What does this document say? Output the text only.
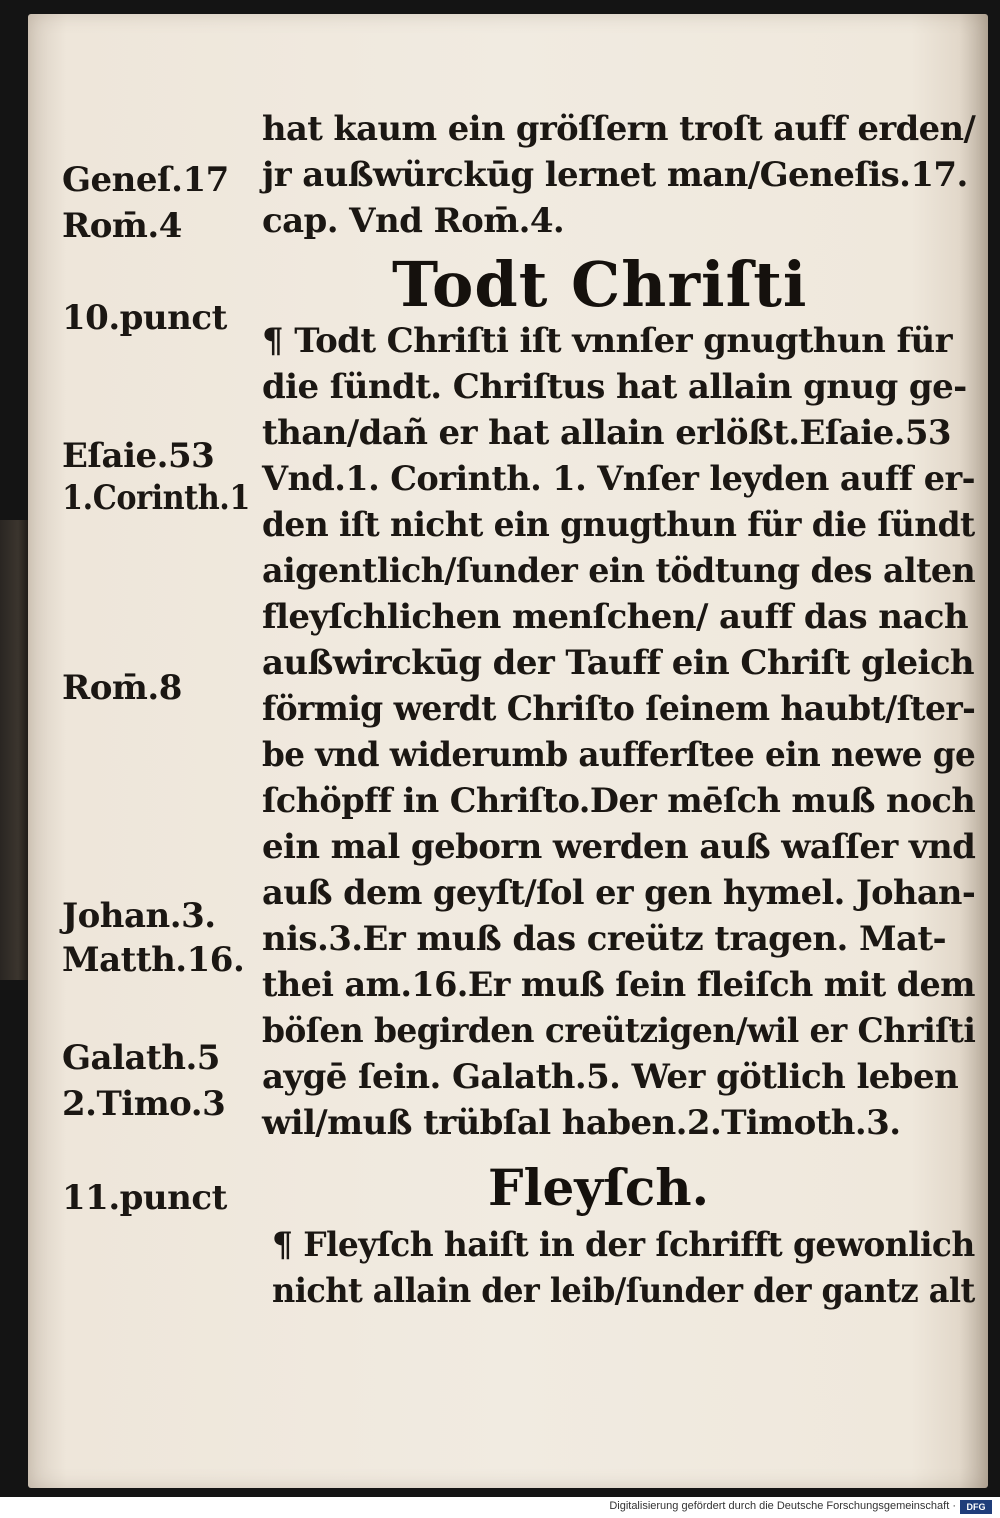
Geneſ.17
Rom̄.4
10.punct
Eſaie.53
1.Corinth.1
Rom̄.8
Johan.3.
Matth.16.
Galath.5
2.Timo.3
11.punct
hat kaum ein gröſſern troſt auff erden/
jr außwürckūg lernet man/Geneſis.17.
cap. Vnd Rom̄.4.
Todt Chriſti
¶ Todt Chriſti iſt vnnſer gnugthun für
die ſündt. Chriſtus hat allain gnug ge-
than/dañ er hat allain erlößt.Eſaie.53
Vnd.1. Corinth. 1. Vnſer leyden auff er-
den iſt nicht ein gnugthun für die ſündt
aigentlich/ſunder ein tödtung des alten
fleyſchlichen menſchen/ auff das nach
außwirckūg der Tauff ein Chriſt gleich
förmig werdt Chriſto ſeinem haubt/ſter-
be vnd widerumb aufferſtee ein newe ge
ſchöpff in Chriſto.Der mēſch muß noch
ein mal geborn werden auß waſſer vnd
auß dem geyſt/ſol er gen hymel. Johan-
nis.3.Er muß das creütz tragen. Mat-
thei am.16.Er muß ſein fleiſch mit dem
böſen begirden creützigen/wil er Chriſti
aygē ſein. Galath.5. Wer götlich leben
wil/muß trübſal haben.2.Timoth.3.
Fleyſch.
¶ Fleyſch haiſt in der ſchrifft gewonlich
nicht allain der leib/ſunder der gantz alt
Digitalisierung gefördert durch die Deutsche Forschungsgemeinschaft ·	DFG
